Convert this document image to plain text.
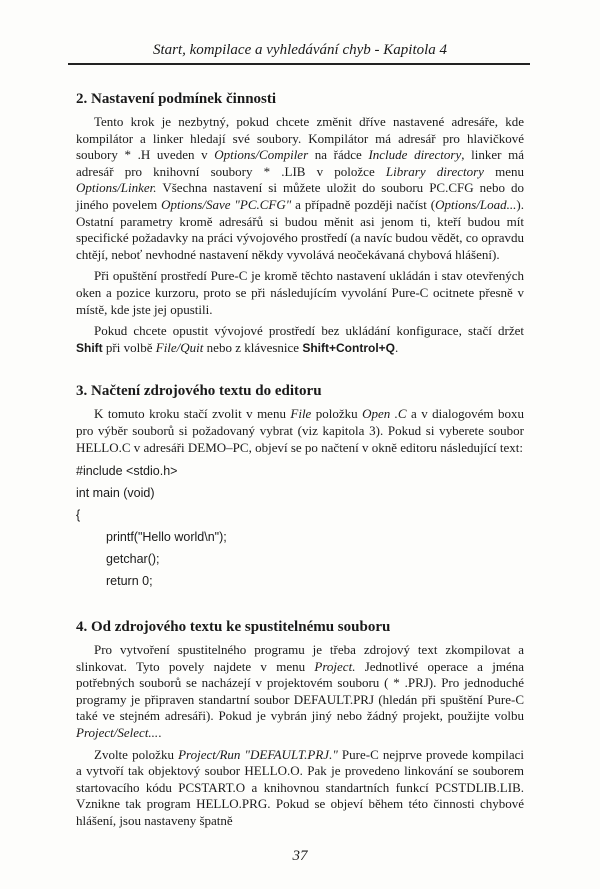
Start, kompilace a vyhledávání chyb - Kapitola 4
2. Nastavení podmínek činnosti

Tento krok je nezbytný, pokud chcete změnit dříve nastavené adresáře, kde kompilátor a linker hledají své soubory. Kompilátor má adresář pro hlavičkové soubory * .H uveden v Options/Compiler na řádce Include directory, linker má adresář pro knihovní soubory * .LIB v položce Library directory menu Options/Linker. Všechna nastavení si můžete uložit do souboru PC.CFG nebo do jiného povelem Options/Save "PC.CFG" a případně později načíst (Options/Load...). Ostatní parametry kromě adresářů si budou měnit asi jenom ti, kteří budou mít specifické požadavky na práci vývojového prostředí (a navíc budou vědět, co opravdu chtějí, neboť nevhodné nastavení někdy vyvolává neočekávaná chybová hlášení).

Při opuštění prostředí Pure-C je kromě těchto nastavení ukládán i stav otevřených oken a pozice kurzoru, proto se při následujícím vyvolání Pure-C ocitnete přesně v místě, kde jste jej opustili.

Pokud chcete opustit vývojové prostředí bez ukládání konfigurace, stačí držet Shift při volbě File/Quit nebo z klávesnice Shift+Control+Q.

3. Načtení zdrojového textu do editoru

K tomuto kroku stačí zvolit v menu File položku Open .C a v dialogovém boxu pro výběr souborů si požadovaný vybrat (viz kapitola 3). Pokud si vyberete soubor HELLO.C v adresáři DEMO–PC, objeví se po načtení v okně editoru následující text:

#include <stdio.h>
int main (void)
{
printf("Hello world\n");
getchar();
return 0;
4. Od zdrojového textu ke spustitelnému souboru

Pro vytvoření spustitelného programu je třeba zdrojový text zkompilovat a slinkovat. Tyto povely najdete v menu Project. Jednotlivé operace a jména potřebných souborů se nacházejí v projektovém souboru ( * .PRJ). Pro jednoduché programy je připraven standartní soubor DEFAULT.PRJ (hledán při spuštění Pure-C také ve stejném adresáři). Pokud je vybrán jiný nebo žádný projekt, použijte volbu Project/Select....

Zvolte položku Project/Run "DEFAULT.PRJ." Pure-C nejprve provede kompilaci a vytvoří tak objektový soubor HELLO.O. Pak je provedeno linkování se souborem startovacího kódu PCSTART.O a knihovnou standartních funkcí PCSTDLIB.LIB. Vznikne tak program HELLO.PRG. Pokud se objeví během této činnosti chybové hlášení, jsou nastaveny špatně

37
